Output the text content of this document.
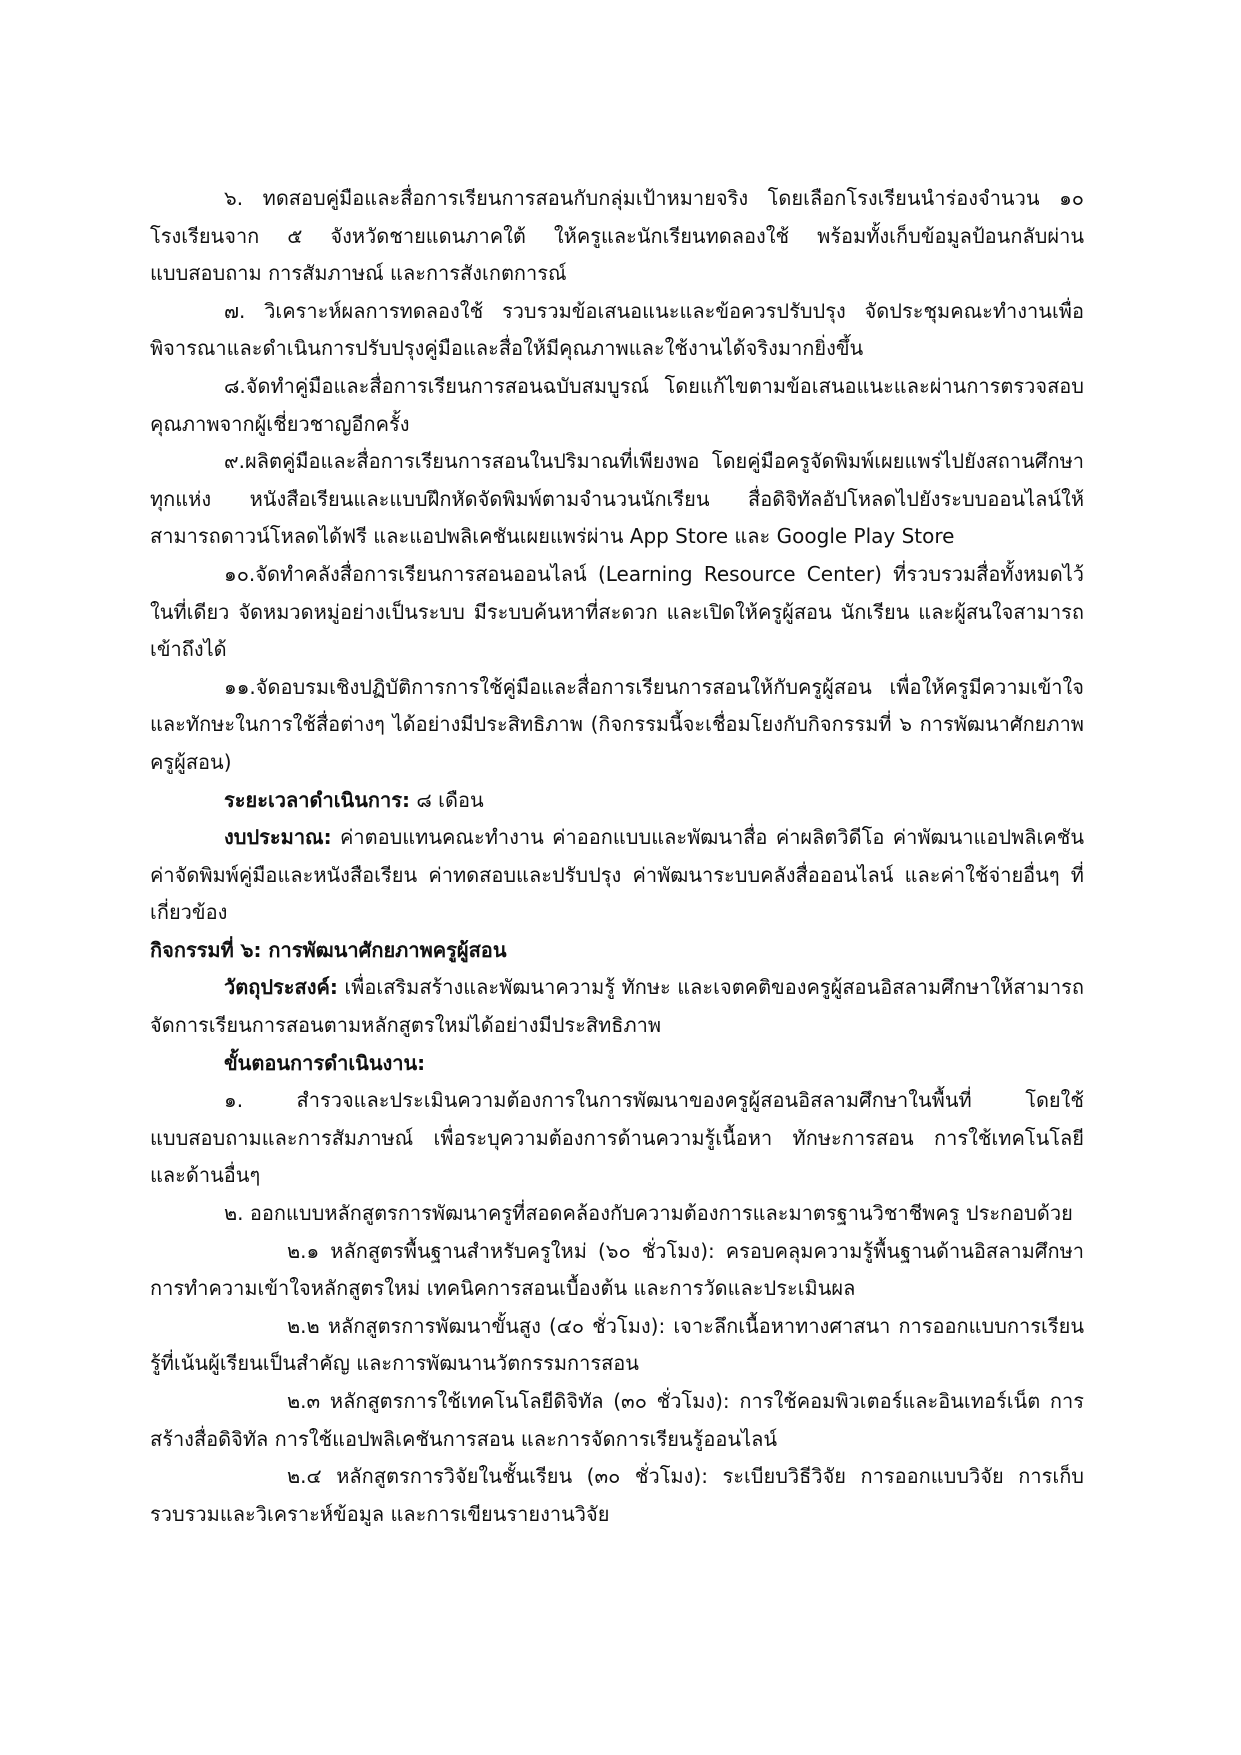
๖. ทดสอบคู่มือและสื่อการเรียนการสอนกับกลุ่มเป้าหมายจริง โดยเลือกโรงเรียนนำร่องจำนวน ๑๐ โรงเรียนจาก ๕ จังหวัดชายแดนภาคใต้ ให้ครูและนักเรียนทดลองใช้ พร้อมทั้งเก็บข้อมูลป้อนกลับผ่านแบบสอบถาม การสัมภาษณ์ และการสังเกตการณ์

๗. วิเคราะห์ผลการทดลองใช้ รวบรวมข้อเสนอแนะและข้อควรปรับปรุง จัดประชุมคณะทำงานเพื่อพิจารณาและดำเนินการปรับปรุงคู่มือและสื่อให้มีคุณภาพและใช้งานได้จริงมากยิ่งขึ้น

๘.จัดทำคู่มือและสื่อการเรียนการสอนฉบับสมบูรณ์ โดยแก้ไขตามข้อเสนอแนะและผ่านการตรวจสอบคุณภาพจากผู้เชี่ยวชาญอีกครั้ง

๙.ผลิตคู่มือและสื่อการเรียนการสอนในปริมาณที่เพียงพอ โดยคู่มือครูจัดพิมพ์เผยแพร่ไปยังสถานศึกษาทุกแห่ง หนังสือเรียนและแบบฝึกหัดจัดพิมพ์ตามจำนวนนักเรียน สื่อดิจิทัลอัปโหลดไปยังระบบออนไลน์ให้สามารถดาวน์โหลดได้ฟรี และแอปพลิเคชันเผยแพร่ผ่าน App Store และ Google Play Store

๑๐.จัดทำคลังสื่อการเรียนการสอนออนไลน์ (Learning Resource Center) ที่รวบรวมสื่อทั้งหมดไว้ในที่เดียว จัดหมวดหมู่อย่างเป็นระบบ มีระบบค้นหาที่สะดวก และเปิดให้ครูผู้สอน นักเรียน และผู้สนใจสามารถเข้าถึงได้

๑๑.จัดอบรมเชิงปฏิบัติการการใช้คู่มือและสื่อการเรียนการสอนให้กับครูผู้สอน เพื่อให้ครูมีความเข้าใจและทักษะในการใช้สื่อต่างๆ ได้อย่างมีประสิทธิภาพ (กิจกรรมนี้จะเชื่อมโยงกับกิจกรรมที่ ๖ การพัฒนาศักยภาพครูผู้สอน)

ระยะเวลาดำเนินการ: ๘ เดือน

งบประมาณ: ค่าตอบแทนคณะทำงาน ค่าออกแบบและพัฒนาสื่อ ค่าผลิตวิดีโอ ค่าพัฒนาแอปพลิเคชัน ค่าจัดพิมพ์คู่มือและหนังสือเรียน ค่าทดสอบและปรับปรุง ค่าพัฒนาระบบคลังสื่อออนไลน์ และค่าใช้จ่ายอื่นๆ ที่เกี่ยวข้อง

กิจกรรมที่ ๖: การพัฒนาศักยภาพครูผู้สอน

วัตถุประสงค์: เพื่อเสริมสร้างและพัฒนาความรู้ ทักษะ และเจตคติของครูผู้สอนอิสลามศึกษาให้สามารถจัดการเรียนการสอนตามหลักสูตรใหม่ได้อย่างมีประสิทธิภาพ

ขั้นตอนการดำเนินงาน:

๑. สำรวจและประเมินความต้องการในการพัฒนาของครูผู้สอนอิสลามศึกษาในพื้นที่ โดยใช้แบบสอบถามและการสัมภาษณ์ เพื่อระบุความต้องการด้านความรู้เนื้อหา ทักษะการสอน การใช้เทคโนโลยี และด้านอื่นๆ

๒. ออกแบบหลักสูตรการพัฒนาครูที่สอดคล้องกับความต้องการและมาตรฐานวิชาชีพครู ประกอบด้วย

๒.๑ หลักสูตรพื้นฐานสำหรับครูใหม่ (๖๐ ชั่วโมง): ครอบคลุมความรู้พื้นฐานด้านอิสลามศึกษา การทำความเข้าใจหลักสูตรใหม่ เทคนิคการสอนเบื้องต้น และการวัดและประเมินผล

๒.๒ หลักสูตรการพัฒนาขั้นสูง (๔๐ ชั่วโมง): เจาะลึกเนื้อหาทางศาสนา การออกแบบการเรียนรู้ที่เน้นผู้เรียนเป็นสำคัญ และการพัฒนานวัตกรรมการสอน

๒.๓ หลักสูตรการใช้เทคโนโลยีดิจิทัล (๓๐ ชั่วโมง): การใช้คอมพิวเตอร์และอินเทอร์เน็ต การสร้างสื่อดิจิทัล การใช้แอปพลิเคชันการสอน และการจัดการเรียนรู้ออนไลน์

๒.๔ หลักสูตรการวิจัยในชั้นเรียน (๓๐ ชั่วโมง): ระเบียบวิธีวิจัย การออกแบบวิจัย การเก็บรวบรวมและวิเคราะห์ข้อมูล และการเขียนรายงานวิจัย
